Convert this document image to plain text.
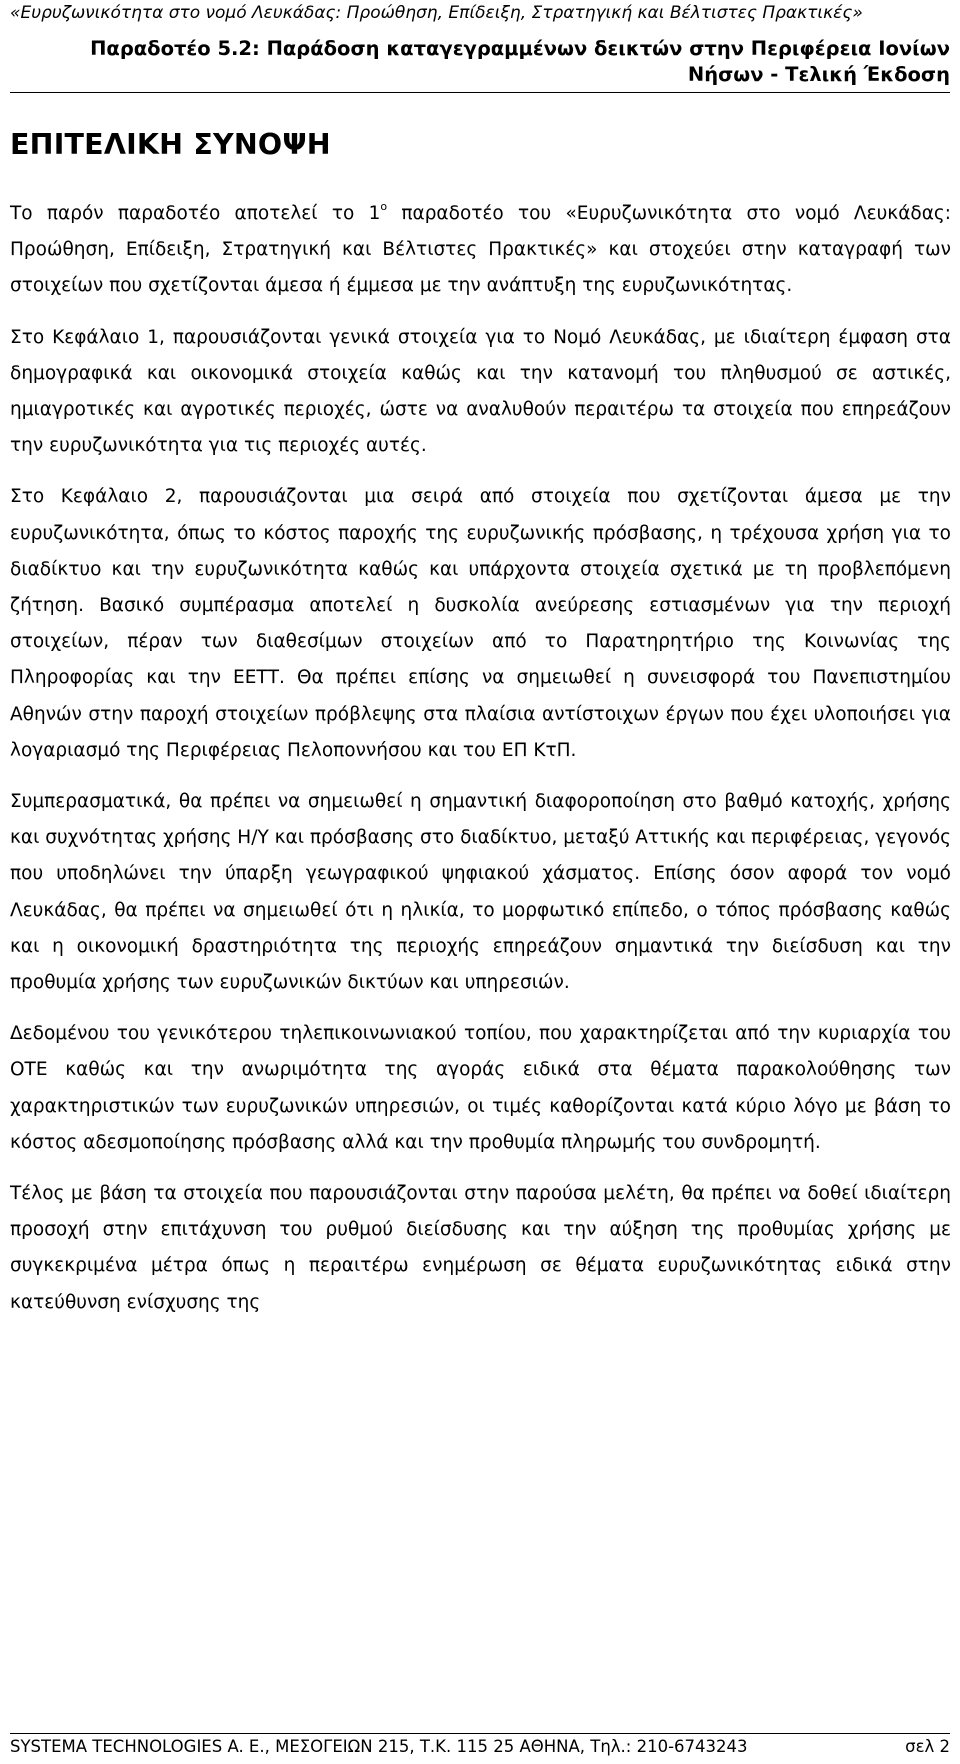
«Ευρυζωνικότητα στο νομό Λευκάδας: Προώθηση, Επίδειξη, Στρατηγική και Βέλτιστες Πρακτικές»
Παραδοτέο 5.2: Παράδοση καταγεγραμμένων δεικτών στην Περιφέρεια Ιονίων
Νήσων - Τελική Έκδοση
ΕΠΙΤΕΛΙΚΗ ΣΥΝΟΨΗ

Το παρόν παραδοτέο αποτελεί το $1^o$ παραδοτέο του «Ευρυζωνικότητα στο νομό Λευκάδας: Προώθηση, Επίδειξη, Στρατηγική και Βέλτιστες Πρακτικές» και στοχεύει στην καταγραφή των στοιχείων που σχετίζονται άμεσα ή έμμεσα με την ανάπτυξη της ευρυζωνικότητας.

Στο Κεφάλαιο 1, παρουσιάζονται γενικά στοιχεία για το Νομό Λευκάδας, με ιδιαίτερη έμφαση στα δημογραφικά και οικονομικά στοιχεία καθώς και την κατανομή του πληθυσμού σε αστικές, ημιαγροτικές και αγροτικές περιοχές, ώστε να αναλυθούν περαιτέρω τα στοιχεία που επηρεάζουν την ευρυζωνικότητα για τις περιοχές αυτές.

Στο Κεφάλαιο 2, παρουσιάζονται μια σειρά από στοιχεία που σχετίζονται άμεσα με την ευρυζωνικότητα, όπως το κόστος παροχής της ευρυζωνικής πρόσβασης, η τρέχουσα χρήση για το διαδίκτυο και την ευρυζωνικότητα καθώς και υπάρχοντα στοιχεία σχετικά με τη προβλεπόμενη ζήτηση. Βασικό συμπέρασμα αποτελεί η δυσκολία ανεύρεσης εστιασμένων για την περιοχή στοιχείων, πέραν των διαθεσίμων στοιχείων από το Παρατηρητήριο της Κοινωνίας της Πληροφορίας και την ΕΕΤΤ. Θα πρέπει επίσης να σημειωθεί η συνεισφορά του Πανεπιστημίου Αθηνών στην παροχή στοιχείων πρόβλεψης στα πλαίσια αντίστοιχων έργων που έχει υλοποιήσει για λογαριασμό της Περιφέρειας Πελοποννήσου και του ΕΠ ΚτΠ.

Συμπερασματικά, θα πρέπει να σημειωθεί η σημαντική διαφοροποίηση στο βαθμό κατοχής, χρήσης και συχνότητας χρήσης Η/Υ και πρόσβασης στο διαδίκτυο, μεταξύ Αττικής και περιφέρειας, γεγονός που υποδηλώνει την ύπαρξη γεωγραφικού ψηφιακού χάσματος. Επίσης όσον αφορά τον νομό Λευκάδας, θα πρέπει να σημειωθεί ότι η ηλικία, το μορφωτικό επίπεδο, ο τόπος πρόσβασης καθώς και η οικονομική δραστηριότητα της περιοχής επηρεάζουν σημαντικά την διείσδυση και την προθυμία χρήσης των ευρυζωνικών δικτύων και υπηρεσιών.

Δεδομένου του γενικότερου τηλεπικοινωνιακού τοπίου, που χαρακτηρίζεται από την κυριαρχία του ΟΤΕ καθώς και την ανωριμότητα της αγοράς ειδικά στα θέματα παρακολούθησης των χαρακτηριστικών των ευρυζωνικών υπηρεσιών, οι τιμές καθορίζονται κατά κύριο λόγο με βάση το κόστος αδεσμοποίησης πρόσβασης αλλά και την προθυμία πληρωμής του συνδρομητή.

Τέλος με βάση τα στοιχεία που παρουσιάζονται στην παρούσα μελέτη, θα πρέπει να δοθεί ιδιαίτερη προσοχή στην επιτάχυνση του ρυθμού διείσδυσης και την αύξηση της προθυμίας χρήσης με συγκεκριμένα μέτρα όπως η περαιτέρω ενημέρωση σε θέματα ευρυζωνικότητας ειδικά στην κατεύθυνση ενίσχυσης της

SYSTEMA TECHNOLOGIES A. E., ΜΕΣΟΓΕΙΩΝ 215, Τ.Κ. 115 25 ΑΘΗΝΑ, Τηλ.: 210-6743243	σελ 2
